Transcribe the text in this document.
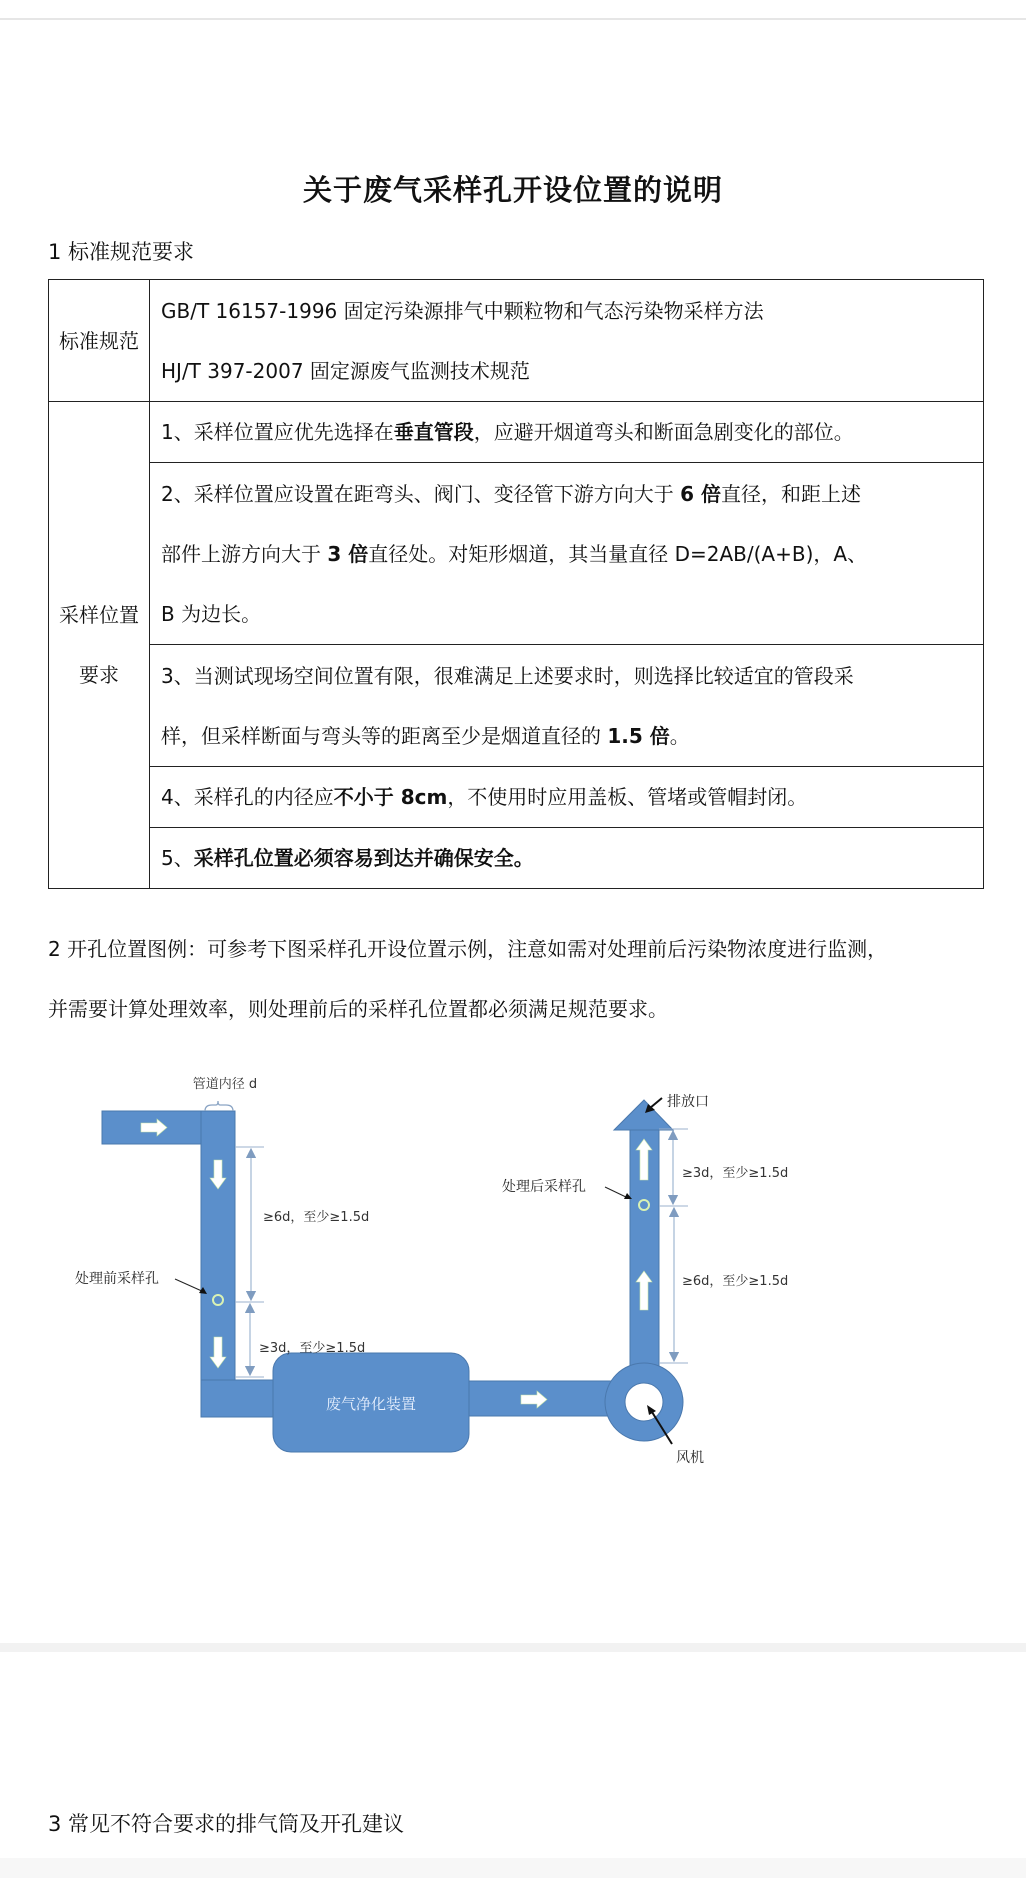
关于废气采样孔开设位置的说明
1 标准规范要求
标准规范	GB/T 16157-1996 固定污染源排气中颗粒物和气态污染物采样方法
HJ/T 397-2007 固定源废气监测技术规范

采样位置
要求	1、采样位置应优先选择在垂直管段，应避开烟道弯头和断面急剧变化的部位。

	2、采样位置应设置在距弯头、阀门、变径管下游方向大于 6 倍直径，和距上述
部件上游方向大于 3 倍直径处。对矩形烟道，其当量直径 D=2AB/(A+B)，A、
B 为边长。

	3、当测试现场空间位置有限，很难满足上述要求时，则选择比较适宜的管段采
样，但采样断面与弯头等的距离至少是烟道直径的 1.5 倍。

	4、采样孔的内径应不小于 8cm，不使用时应用盖板、管堵或管帽封闭。

	5、采样孔位置必须容易到达并确保安全。
2 开孔位置图例：可参考下图采样孔开设位置示例，注意如需对处理前后污染物浓度进行监测，
并需要计算处理效率，则处理前后的采样孔位置都必须满足规范要求。
废气净化装置
管道内径 d
≥6d，至少≥1.5d
≥3d，至少≥1.5d
≥3d，至少≥1.5d
≥6d，至少≥1.5d
处理前采样孔
处理后采样孔
排放口
风机
3 常见不符合要求的排气筒及开孔建议
